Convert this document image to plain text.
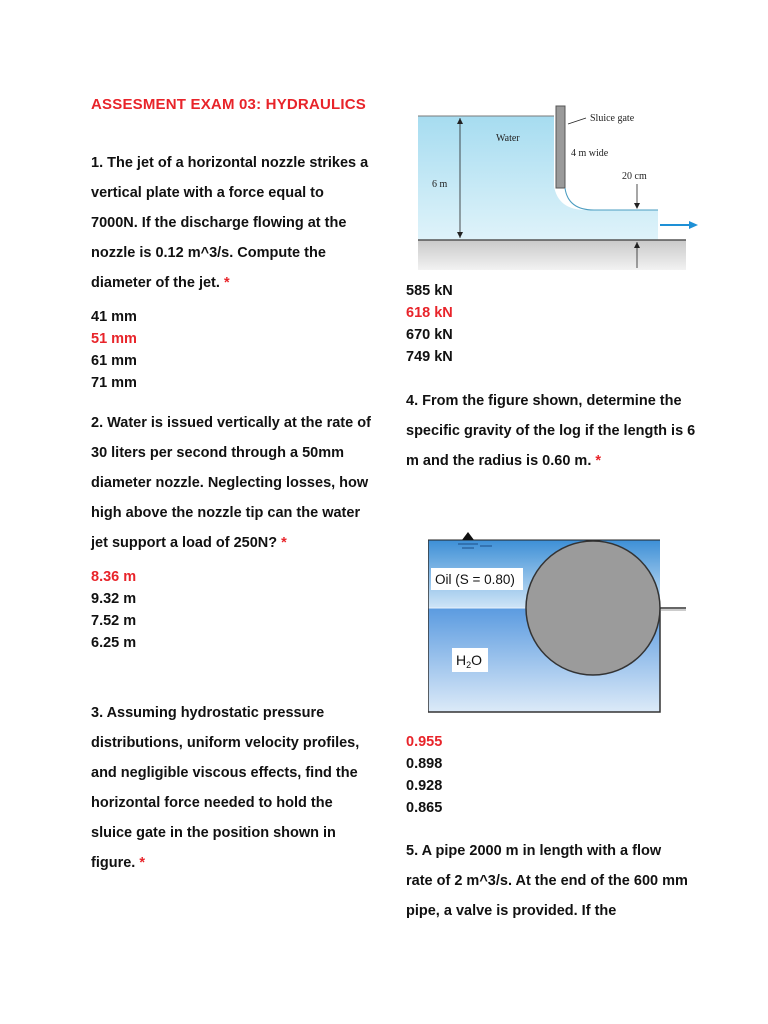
ASSESMENT EXAM 03: HYDRAULICS
1. The jet of a horizontal nozzle strikes a vertical plate with a force equal to 7000N. If the discharge flowing at the nozzle is 0.12 m^3/s. Compute the diameter of the jet. *
41 mm
51 mm
61 mm
71 mm
2. Water is issued vertically at the rate of 30 liters per second through a 50mm diameter nozzle. Neglecting losses, how high above the nozzle tip can the water jet support a load of 250N? *
8.36 m
9.32 m
7.52 m
6.25 m
3. Assuming hydrostatic pressure distributions, uniform velocity profiles, and negligible viscous effects, find the horizontal force needed to hold the sluice gate in the position shown in figure. *
6 m
Water
4 m wide
Sluice gate
20 cm
585 kN
618 kN
670 kN
749 kN
4. From the figure shown, determine the specific gravity of the log if the length is 6 m and the radius is 0.60 m. *
Oil (S = 0.80)
$H_2O$
0.955
0.898
0.928
0.865
5. A pipe 2000 m in length with a flow rate of 2 m^3/s. At the end of the 600 mm pipe, a valve is provided. If the
